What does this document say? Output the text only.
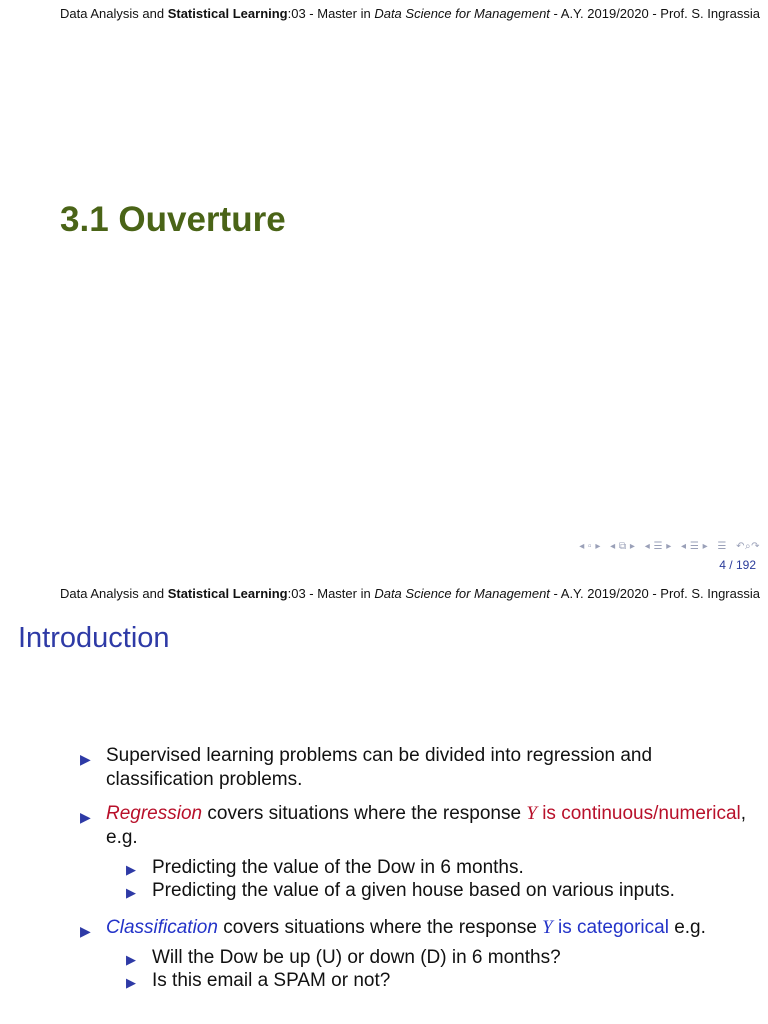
Data Analysis and Statistical Learning:03 - Master in Data Science for Management - A.Y. 2019/2020 - Prof. S. Ingrassia
3.1 Ouverture
◂ ▫ ▸ ◂ ⧉ ▸ ◂ ☰ ▸ ◂ ☰ ▸ ☰ ↶⌕↷
4 / 192
Data Analysis and Statistical Learning:03 - Master in Data Science for Management - A.Y. 2019/2020 - Prof. S. Ingrassia
Introduction
▶ Supervised learning problems can be divided into regression and classification problems.
▶ Regression covers situations where the response Y is continuous/numerical, e.g.
▶ Predicting the value of the Dow in 6 months.
▶ Predicting the value of a given house based on various inputs.
▶ Classification covers situations where the response Y is categorical e.g.
▶ Will the Dow be up (U) or down (D) in 6 months?
▶ Is this email a SPAM or not?
